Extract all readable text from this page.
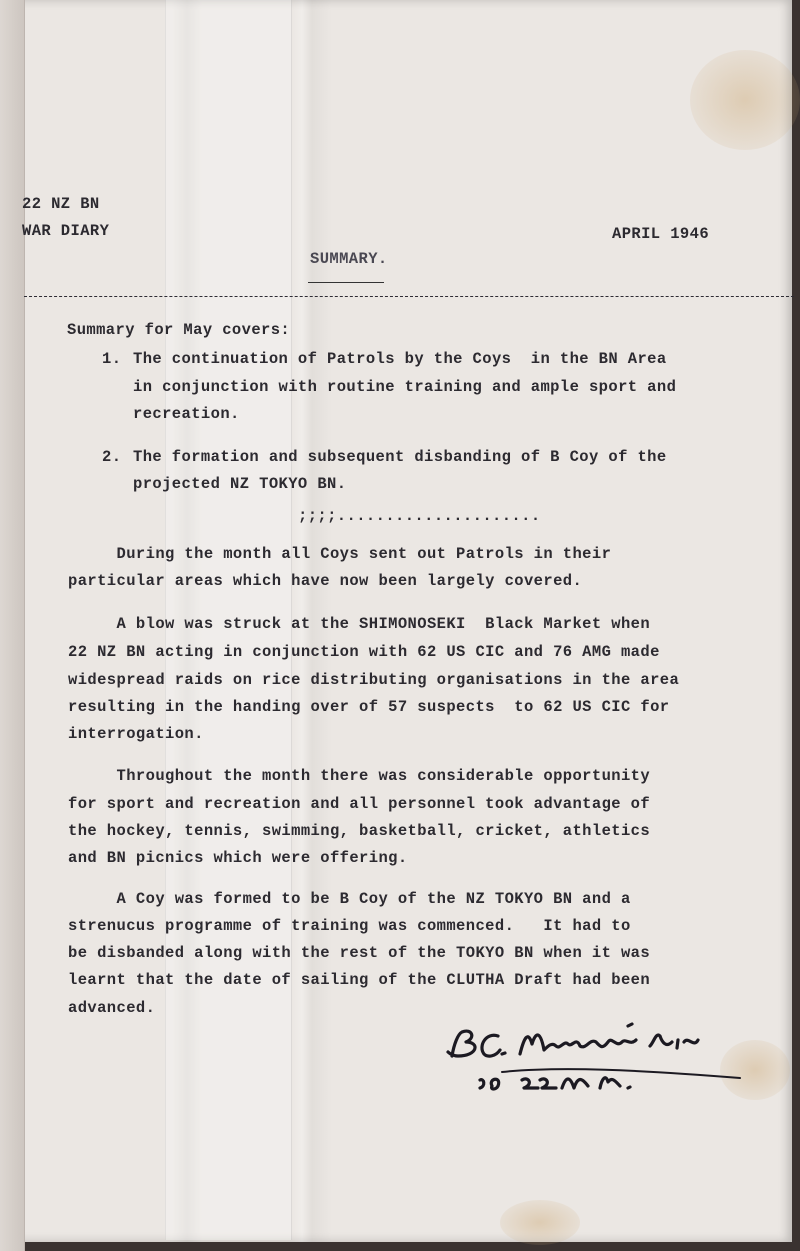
22 NZ BN
WAR DIARY	APRIL 1946
SUMMARY.
Summary for May covers:
1. The continuation of Patrols by the Coys  in the BN Area
in conjunction with routine training and ample sport and
recreation.
2. The formation and subsequent disbanding of B Coy of the
projected NZ TOKYO BN.
;;;;.....................
During the month all Coys sent out Patrols in their
particular areas which have now been largely covered.
A blow was struck at the SHIMONOSEKI  Black Market when
22 NZ BN acting in conjunction with 62 US CIC and 76 AMG made
widespread raids on rice distributing organisations in the area
resulting in the handing over of 57 suspects  to 62 US CIC for
interrogation.
Throughout the month there was considerable opportunity
for sport and recreation and all personnel took advantage of
the hockey, tennis, swimming, basketball, cricket, athletics
and BN picnics which were offering.
A Coy was formed to be B Coy of the NZ TOKYO BN and a
strenucus programme of training was commenced.   It had to
be disbanded along with the rest of the TOKYO BN when it was
learnt that the date of sailing of the CLUTHA Draft had been
advanced.
